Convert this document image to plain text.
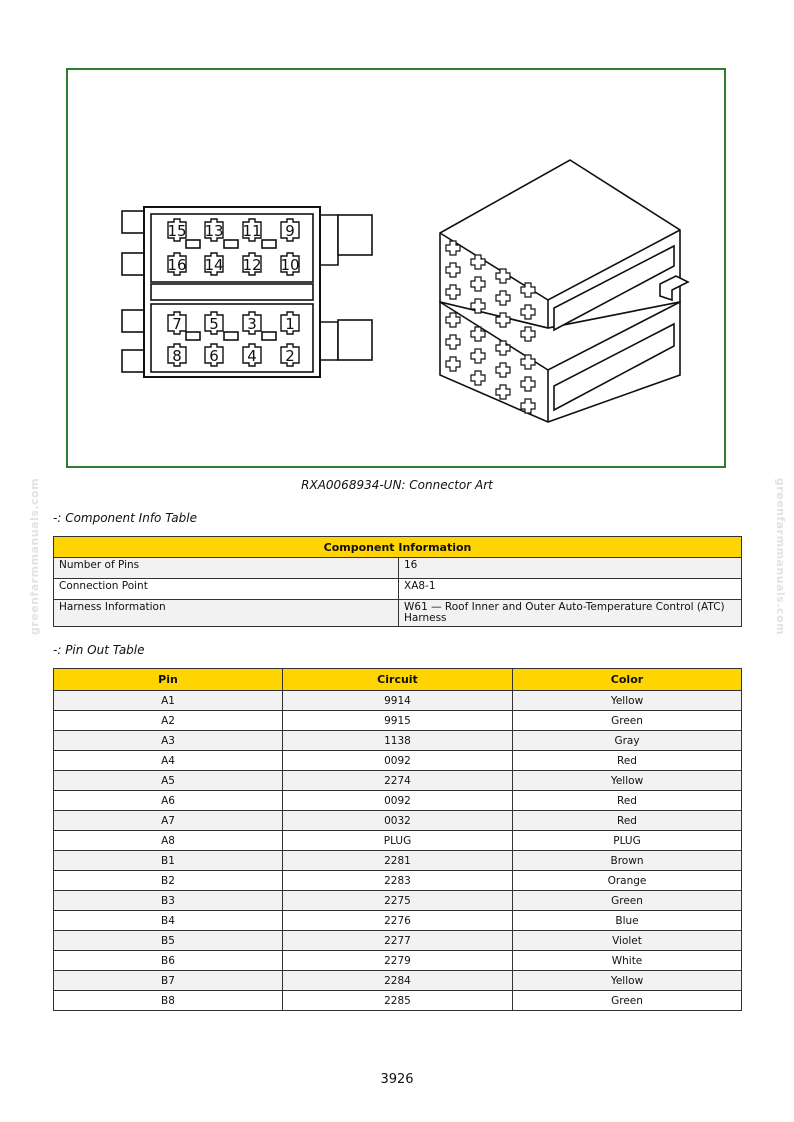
15 13 11 9
16 14 12 10
7 5 3 1
8 6 4 2
RXA0068934-UN: Connector Art
greenfarmmanuals.com	greenfarmmanuals.com
-: Component Info Table
Component Information	
Number of Pins	16
Connection Point	XA8-1
Harness Information	W61 — Roof Inner and Outer Auto-Temperature Control (ATC) Harness
-: Pin Out Table
Pin	Circuit	Color
A1	9914	Yellow
A2	9915	Green
A3	1138	Gray
A4	0092	Red
A5	2274	Yellow
A6	0092	Red
A7	0032	Red
A8	PLUG	PLUG
B1	2281	Brown
B2	2283	Orange
B3	2275	Green
B4	2276	Blue
B5	2277	Violet
B6	2279	White
B7	2284	Yellow
B8	2285	Green
3926
